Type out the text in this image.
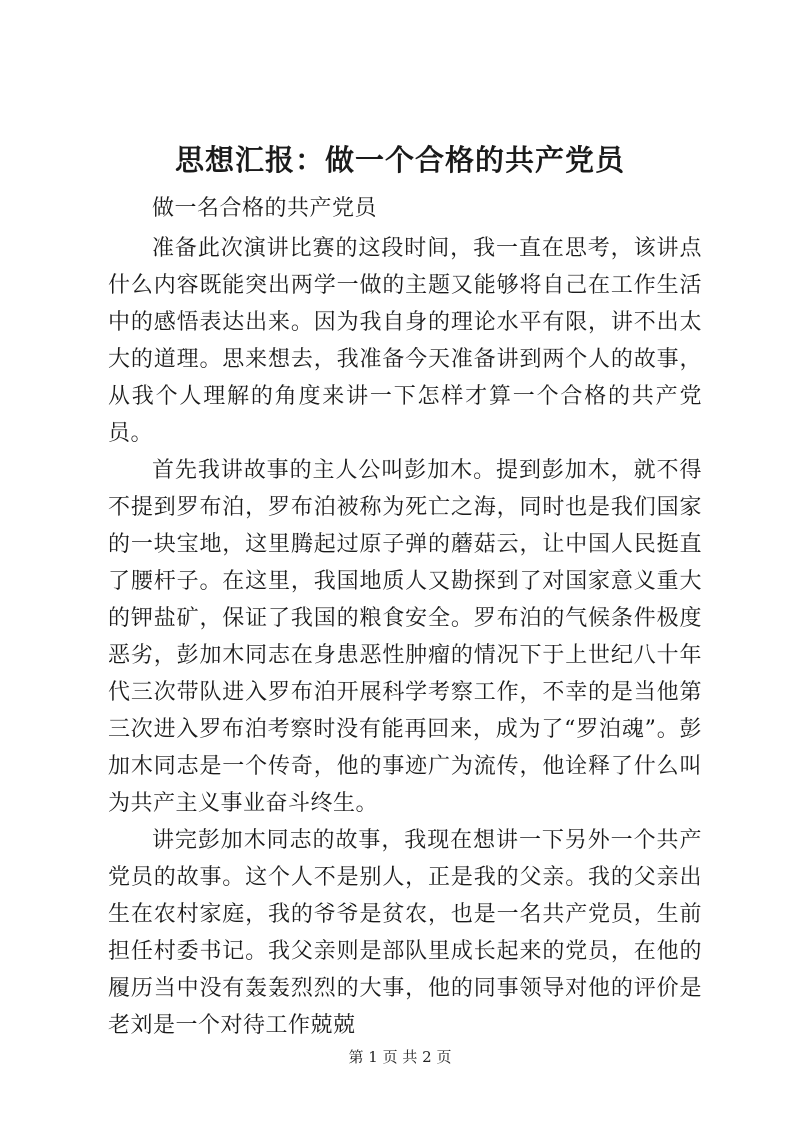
思想汇报：做一个合格的共产党员

做一名合格的共产党员

准备此次演讲比赛的这段时间，我一直在思考，该讲点什么内容既能突出两学一做的主题又能够将自己在工作生活中的感悟表达出来。因为我自身的理论水平有限，讲不出太大的道理。思来想去，我准备今天准备讲到两个人的故事，从我个人理解的角度来讲一下怎样才算一个合格的共产党员。

首先我讲故事的主人公叫彭加木。提到彭加木，就不得不提到罗布泊，罗布泊被称为死亡之海，同时也是我们国家的一块宝地，这里腾起过原子弹的蘑菇云，让中国人民挺直了腰杆子。在这里，我国地质人又勘探到了对国家意义重大的钾盐矿，保证了我国的粮食安全。罗布泊的气候条件极度恶劣，彭加木同志在身患恶性肿瘤的情况下于上世纪八十年代三次带队进入罗布泊开展科学考察工作，不幸的是当他第三次进入罗布泊考察时没有能再回来，成为了“罗泊魂”。彭加木同志是一个传奇，他的事迹广为流传，他诠释了什么叫为共产主义事业奋斗终生。

讲完彭加木同志的故事，我现在想讲一下另外一个共产党员的故事。这个人不是别人，正是我的父亲。我的父亲出生在农村家庭，我的爷爷是贫农，也是一名共产党员，生前担任村委书记。我父亲则是部队里成长起来的党员，在他的履历当中没有轰轰烈烈的大事，他的同事领导对他的评价是老刘是一个对待工作兢兢

第 1 页 共 2 页
